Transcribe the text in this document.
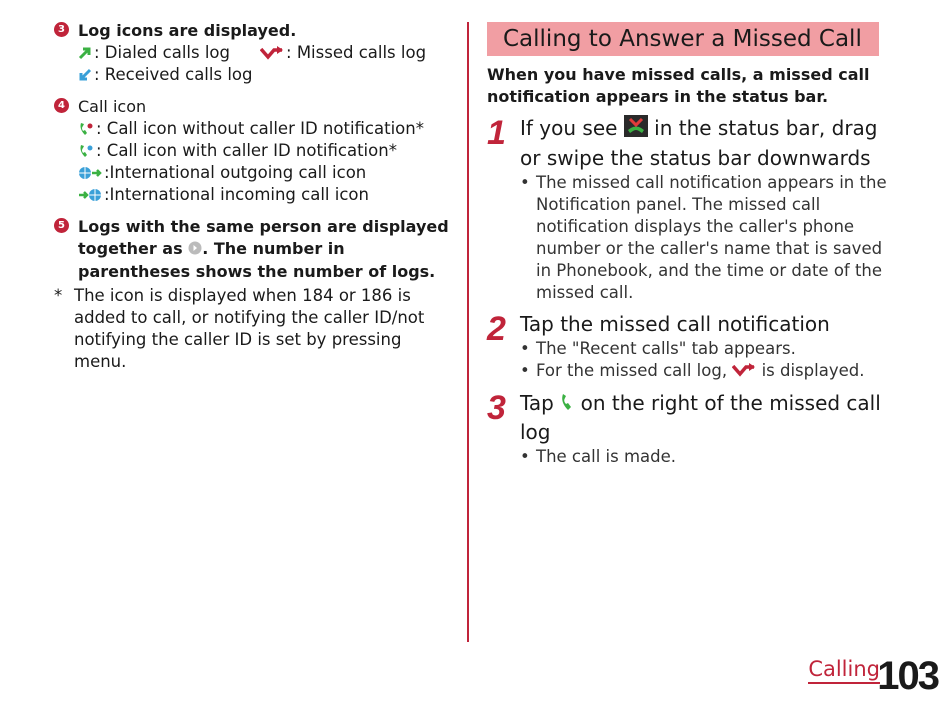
3 Log icons are displayed.
: Dialed calls log	: Missed calls log
: Received calls log
4 Call icon
: Call icon without caller ID notification*
: Call icon with caller ID notification*
:International outgoing call icon
:International incoming call icon
5 Logs with the same person are displayed together as . The number in parentheses shows the number of logs.
* The icon is displayed when 184 or 186 is added to call, or notifying the caller ID/not notifying the caller ID is set by pressing menu.
Calling to Answer a Missed Call
When you have missed calls, a missed call notification appears in the status bar.
1 If you see in the status bar, drag or swipe the status bar downwards
• The missed call notification appears in the Notification panel. The missed call notification displays the caller's phone number or the caller's name that is saved in Phonebook, and the time or date of the missed call.
2 Tap the missed call notification
• The "Recent calls" tab appears.
• For the missed call log, is displayed.
3 Tap on the right of the missed call log
• The call is made.
Calling
103
